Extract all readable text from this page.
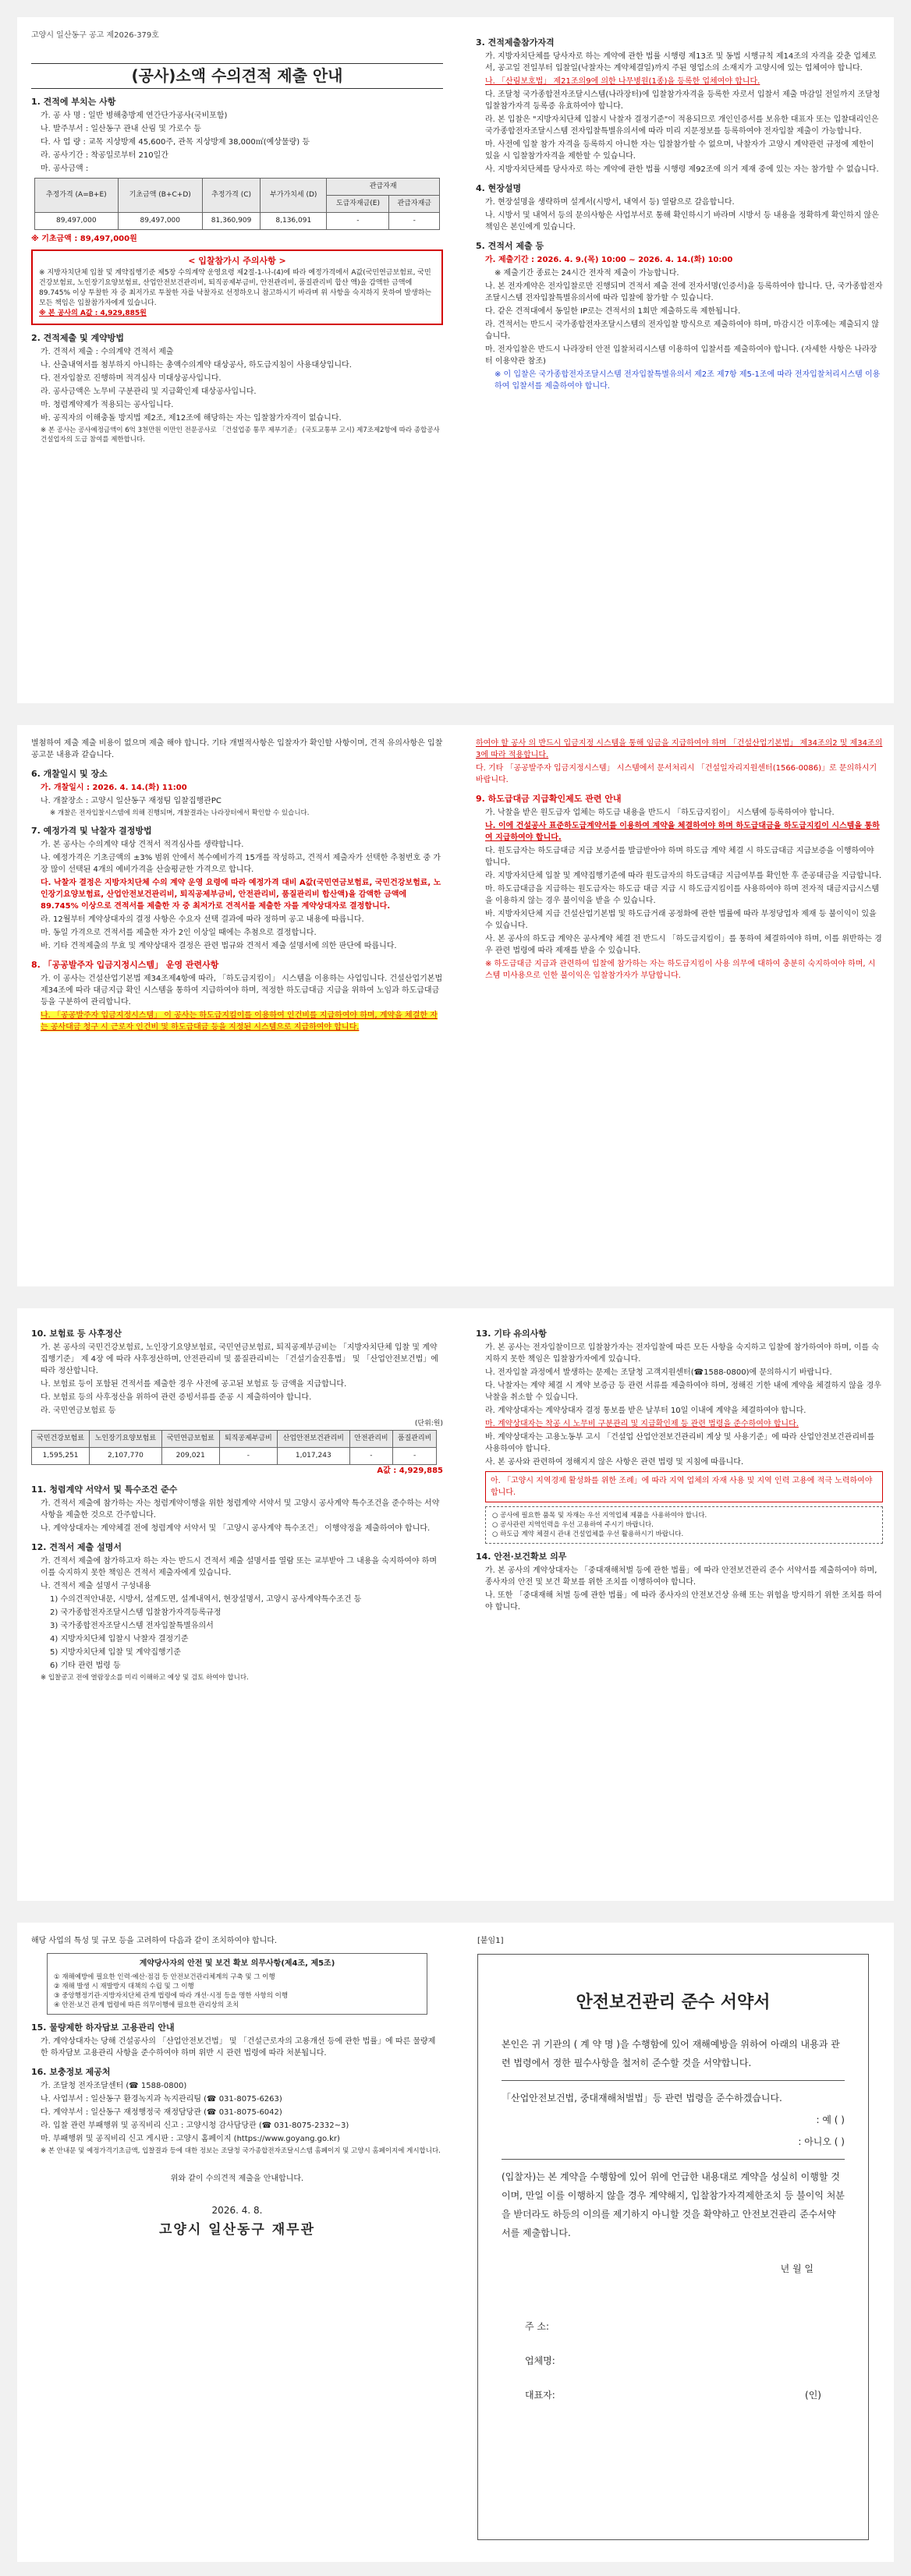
고양시 일산동구 공고 제2026-379호
(공사)소액 수의견적 제출 안내
1. 견적에 부치는 사항

가. 공 사 명 : 일반 병해충방제 연간단가공사(국비포함)

나. 발주부서 : 일산동구 관내 산림 및 가로수 등

다. 사 업 량 : 교목 지상방제 45,600주, 관목 지상방제 38,000㎡(예상물량) 등

라. 공사기간 : 착공일로부터 210일간

마. 공사금액 :

추정가격 (A=B+E)	기초금액 (B+C+D)	추정가격 (C)	부가가치세 (D)	관급자재	
				도급자재금(E)	관급자재금
89,497,000	89,497,000	81,360,909	8,136,091	-	-

※ 기초금액 : 89,497,000원

< 입찰참가시 주의사항 >
※ 지방자치단체 입찰 및 계약집행기준 제5장 수의계약 운영요령 제2절-1-나-(4)에 따라 예정가격에서 A값(국민연금보험료, 국민건강보험료, 노인장기요양보험료, 산업안전보건관리비, 퇴직공제부금비, 안전관리비, 품질관리비 합산 액)을 감액한 금액에 89.745% 이상 투찰한 자 중 최저가로 투찰한 자를 낙찰자로 선정하오니 참고하시기 바라며 위 사항을 숙지하지 못하여 발생하는 모든 책임은 입찰참가자에게 있습니다.
※ 본 공사의 A값 : 4,929,885원
2. 견적제출 및 계약방법

가. 견적서 제출 : 수의계약 견적서 제출

나. 산출내역서를 첨부하지 아니하는 총액수의계약 대상공사, 하도급지침이 사용대상입니다.

다. 전자입찰로 진행하며 적격심사 미대상공사입니다.

라. 공사금액은 노무비 구분관리 및 지급확인제 대상공사입니다.

마. 청렴계약제가 적용되는 공사입니다.

바. 공직자의 이해충돌 방지법 제2조, 제12조에 해당하는 자는 입찰참가자격이 없습니다.

※ 본 공사는 공사예정금액이 6억 3천만원 이만인 전문공사로 「건설업종 통무 제부기준」 (국토교통부 고시) 제7조제2항에 따라 종합공사 건설업자의 도급 참여를 제한합니다.

3. 견적제출참가자격

가. 지방자치단체를 당사자로 하는 계약에 관한 법률 시행령 제13조 및 동법 시행규칙 제14조의 자격을 갖춘 업체로서, 공고일 전일부터 입찰일(낙찰자는 계약체결일)까지 주된 영업소의 소재지가 고양시에 있는 업체여야 합니다.

나. 「산림보호법」 제21조의9에 의한 나무병원(1종)을 등록한 업체여야 합니다.

다. 조달청 국가종합전자조달시스템(나라장터)에 입찰참가자격을 등록한 자로서 입찰서 제출 마감일 전일까지 조달청 입찰참가자격 등록증 유효하여야 합니다.

라. 본 입찰은 "지방자치단체 입찰시 낙찰자 결정기준"이 적용되므로 개인인증서를 보유한 대표자 또는 입찰대리인은 국가종합전자조달시스템 전자입찰특별유의서에 따라 미리 지문정보를 등록하여야 전자입찰 제출이 가능합니다.

마. 사전에 입찰 참가 자격을 등록하지 아니한 자는 입찰참가할 수 없으며, 낙찰자가 고양시 계약관련 규정에 제한이 있을 시 입찰참가자격을 제한할 수 있습니다.

사. 지방자치단체를 당사자로 하는 계약에 관한 법률 시행령 제92조에 의거 제재 중에 있는 자는 참가할 수 없습니다.

4. 현장설명

가. 현장설명을 생략하며 설계서(시방서, 내역서 등) 열람으로 갈음합니다.

나. 시방서 및 내역서 등의 문의사항은 사업부서로 통해 확인하시기 바라며 시방서 등 내용을 정확하게 확인하지 않은 책임은 본인에게 있습니다.

5. 견적서 제출 등

가. 제출기간 : 2026. 4. 9.(목) 10:00 ~ 2026. 4. 14.(화) 10:00

※ 제출기간 종료는 24시간 전자적 제출이 가능합니다.

나. 본 전자계약은 전자입찰로만 진행되며 견적서 제출 전에 전자서명(인증서)을 등록하여야 합니다. 단, 국가종합전자조달시스템 전자입찰특별유의서에 따라 입찰에 참가할 수 있습니다.

다. 같은 견적대에서 동일한 IP로는 견적서의 1회만 제출하도록 제한됩니다.

라. 견적서는 반드시 국가종합전자조달시스템의 전자입찰 방식으로 제출하여야 하며, 마감시간 이후에는 제출되지 않습니다.

마. 전자입찰은 반드시 나라장터 안전 입찰처리시스템 이용하여 입찰서를 제출하여야 합니다. (자세한 사항은 나라장터 이용약관 참조)

※ 이 입찰은 국가종합전자조달시스템 전자입찰특별유의서 제2조 제7항 제5-1조에 따라 전자입찰처리시스템 이용하여 입찰서를 제출하여야 합니다.

별첨하여 제출 제출 비용이 없으며 제출 해야 합니다. 기타 개별적사항은 입찰자가 확인할 사항이며, 견적 유의사항은 입찰 공고문 내용과 같습니다.

6. 개찰일시 및 장소

가. 개찰일시 : 2026. 4. 14.(화) 11:00

나. 개찰장소 : 고양시 일산동구 재정팀 입찰집행관PC

※ 개찰은 전자입찰시스템에 의해 진행되며, 개찰결과는 나라장터에서 확인할 수 있습니다.

7. 예정가격 및 낙찰자 결정방법

가. 본 공사는 수의계약 대상 견적서 적격심사를 생략합니다.

나. 예정가격은 기초금액의 ±3% 범위 안에서 복수예비가격 15개를 작성하고, 견적서 제출자가 선택한 추첨번호 중 가장 많이 선택된 4개의 예비가격을 산술평균한 가격으로 합니다.

다. 낙찰자 결정은 지방자치단체 수의 계약 운영 요령에 따라 예정가격 대비 A값(국민연금보험료, 국민건강보험료, 노인장기요양보험료, 산업안전보건관리비, 퇴직공제부금비, 안전관리비, 품질관리비 합산액)을 감액한 금액에 89.745% 이상으로 견적서를 제출한 자 중 최저가로 견적서를 제출한 자를 계약상대자로 결정합니다.

라. 12월부터 계약상대자의 결정 사항은 수요자 선택 결과에 따라 정하며 공고 내용에 따릅니다.

마. 동일 가격으로 견적서를 제출한 자가 2인 이상일 때에는 추첨으로 결정합니다.

바. 기타 견적제출의 무효 및 계약상대자 결정은 관련 법규와 견적서 제출 설명서에 의한 판단에 따릅니다.

8. 「공공발주자 입금지정시스템」 운영 관련사항

가. 이 공사는 건설산업기본법 제34조제4항에 따라, 「하도급지킴이」 시스템을 이용하는 사업입니다. 건설산업기본법 제34조에 따라 대금지급 확인 시스템을 통하여 지급하여야 하며, 적정한 하도급대금 지급을 위하여 노임과 하도급대금 등을 구분하여 관리합니다.

나. 「공공발주자 입금지정시스템」 이 공사는 하도급지킴이를 이용하여 인건비를 지급하여야 하며, 계약을 체결한 자는 공사대금 청구 시 근로자 인건비 및 하도급대금 등을 지정된 시스템으로 지급하여야 합니다.

하여야 할 공사 의 반드시 입금지정 시스템을 통해 임금을 지급하여야 하며 「건설산업기본법」 제34조의2 및 제34조의3에 따라 적용합니다.

다. 기타 「공공발주자 입금지정시스템」 시스템에서 문서처리시 「건설일자리지원센터(1566-0086)」로 문의하시기 바랍니다.

9. 하도급대금 지급확인제도 관련 안내

가. 낙찰을 받은 원도급자 업체는 하도급 내용을 반드시 「하도급지킴이」 시스템에 등록하여야 합니다.

나. 이에 건설공사 표준하도급계약서를 이용하여 계약을 체결하여야 하며 하도급대금을 하도급지킴이 시스템을 통하여 지급하여야 합니다.

다. 원도급자는 하도급대금 지급 보증서를 발급받아야 하며 하도급 계약 체결 시 하도급대금 지급보증을 이행하여야 합니다.

라. 지방자치단체 입찰 및 계약집행기준에 따라 원도급자의 하도급대금 지급여부를 확인한 후 준공대금을 지급합니다.

마. 하도급대금을 지급하는 원도급자는 하도급 대금 지급 시 하도급지킴이를 사용하여야 하며 전자적 대금지급시스템을 이용하지 않는 경우 불이익을 받을 수 있습니다.

바. 지방자치단체 지급 건설산업기본법 및 하도급거래 공정화에 관한 법률에 따라 부정당업자 제재 등 불이익이 있을 수 있습니다.

사. 본 공사의 하도급 계약은 공사계약 체결 전 반드시 「하도급지킴이」를 통하여 체결하여야 하며, 이를 위반하는 경우 관련 법령에 따라 제재를 받을 수 있습니다.

※ 하도급대금 지급과 관련하여 입찰에 참가하는 자는 하도급지킴이 사용 의무에 대하여 충분히 숙지하여야 하며, 시스템 미사용으로 인한 불이익은 입찰참가자가 부담합니다.

10. 보험료 등 사후정산

가. 본 공사의 국민건강보험료, 노인장기요양보험료, 국민연금보험료, 퇴직공제부금비는 「지방자치단체 입찰 및 계약집행기준」 제 4장 에 따라 사후정산하며, 안전관리비 및 품질관리비는 「건설기술진흥법」 및 「산업안전보건법」에 따라 정산합니다.

나. 보험료 등이 포함된 견적서를 제출한 경우 사전에 공고된 보험료 등 금액을 지급합니다.

다. 보험료 등의 사후정산을 위하여 관련 증빙서류를 준공 시 제출하여야 합니다.

라. 국민연금보험료 등

(단위:원)
국민건강보험료	노인장기요양보험료	국민연금보험료	퇴직공제부금비	산업안전보건관리비	안전관리비	품질관리비
1,595,251	2,107,770	209,021	-	1,017,243	-	-
A값 : 4,929,885
11. 청렴계약 서약서 및 특수조건 준수

가. 견적서 제출에 참가하는 자는 청렴계약이행을 위한 청렴계약 서약서 및 고양시 공사계약 특수조건을 준수하는 서약사항을 제출한 것으로 간주합니다.

나. 계약상대자는 계약체결 전에 청렴계약 서약서 및 「고양시 공사계약 특수조건」 이행약정을 제출하여야 합니다.

12. 견적서 제출 설명서

가. 견적서 제출에 참가하고자 하는 자는 반드시 견적서 제출 설명서를 열람 또는 교부받아 그 내용을 숙지하여야 하며 이를 숙지하지 못한 책임은 견적서 제출자에게 있습니다.

나. 견적서 제출 설명서 구성내용

1) 수의견적안내문, 시방서, 설계도면, 설계내역서, 현장설명서, 고양시 공사계약특수조건 등

2) 국가종합전자조달시스템 입찰참가자격등록규정

3) 국가종합전자조달시스템 전자입찰특별유의서

4) 지방자치단체 입찰시 낙찰자 결정기준

5) 지방자치단체 입찰 및 계약집행기준

6) 기타 관련 법령 등

※ 입찰공고 전에 열람장소를 미리 이해하고 예상 및 검토 하여야 합니다.

13. 기타 유의사항

가. 본 공사는 전자입찰이므로 입찰참가자는 전자입찰에 따른 모든 사항을 숙지하고 입찰에 참가하여야 하며, 이를 숙지하지 못한 책임은 입찰참가자에게 있습니다.

나. 전자입찰 과정에서 발생하는 문제는 조달청 고객지원센터(☎1588-0800)에 문의하시기 바랍니다.

다. 낙찰자는 계약 체결 시 계약 보증금 등 관련 서류를 제출하여야 하며, 정해진 기한 내에 계약을 체결하지 않을 경우 낙찰을 취소할 수 있습니다.

라. 계약상대자는 계약상대자 결정 통보를 받은 날부터 10일 이내에 계약을 체결하여야 합니다.

마. 계약상대자는 착공 시 노무비 구분관리 및 지급확인제 등 관련 법령을 준수하여야 합니다.

바. 계약상대자는 고용노동부 고시 「건설업 산업안전보건관리비 계상 및 사용기준」에 따라 산업안전보건관리비를 사용하여야 합니다.

사. 본 공사와 관련하여 정해지지 않은 사항은 관련 법령 및 지침에 따릅니다.

아. 「고양시 지역경제 활성화를 위한 조례」에 따라 지역 업체의 자재 사용 및 지역 인력 고용에 적극 노력하여야 합니다.
○ 공사에 필요한 품목 및 자재는 우선 지역업체 제품을 사용하여야 합니다.
○ 공사관련 지역인력을 우선 고용하여 주시기 바랍니다.
○ 하도급 계약 체결시 관내 건설업체를 우선 활용하시기 바랍니다.
14. 안전·보건확보 의무

가. 본 공사의 계약상대자는 「중대재해처벌 등에 관한 법률」에 따라 안전보건관리 준수 서약서를 제출하여야 하며, 종사자의 안전 및 보건 확보를 위한 조치를 이행하여야 합니다.

나. 또한 「중대재해 처벌 등에 관한 법률」에 따라 종사자의 안전보건상 유해 또는 위험을 방지하기 위한 조치를 하여야 합니다.

해당 사업의 특성 및 규모 등을 고려하여 다음과 같이 조치하여야 합니다.

계약당사자의 안전 및 보건 확보 의무사항(제4조, 제5조)
① 재해예방에 필요한 인력·예산·점검 등 안전보건관리체계의 구축 및 그 이행
② 재해 발생 시 재발방지 대책의 수립 및 그 이행
③ 중앙행정기관·지방자치단체 관계 법령에 따라 개선·시정 등을 명한 사항의 이행
④ 안전·보건 관계 법령에 따른 의무이행에 필요한 관리상의 조치
15. 물량제한 하자담보 고용관리 안내

가. 계약상대자는 당해 건설공사의 「산업안전보건법」 및 「건설근로자의 고용개선 등에 관한 법률」에 따른 물량제한 하자담보 고용관리 사항을 준수하여야 하며 위반 시 관련 법령에 따라 처분됩니다.

16. 보충정보 제공처

가. 조달청 전자조달센터 (☎ 1588-0800)

나. 사업부서 : 일산동구 환경녹지과 녹지관리팀 (☎ 031-8075-6263)

다. 계약부서 : 일산동구 재정행정국 재정담당관 (☎ 031-8075-6042)

라. 입찰 관련 부패행위 및 공직비리 신고 : 고양시청 감사담당관 (☎ 031-8075-2332~3)

마. 부패행위 및 공직비리 신고 게시판 : 고양시 홈페이지 (https://www.goyang.go.kr)

※ 본 안내문 및 예정가격기초금액, 입찰결과 등에 대한 정보는 조달청 국가종합전자조달시스템 홈페이지 및 고양시 홈페이지에 게시합니다.

위와 같이 수의견적 제출을 안내합니다.
2026. 4. 8.
고양시 일산동구 재무관
[붙임1]
안전보건관리 준수 서약서

본인은 귀 기관의 ( 계 약 명 )을 수행함에 있어 재해예방을 위하여 아래의 내용과 관련 법령에서 정한 필수사항을 철저히 준수할 것을 서약합니다.

「산업안전보건법, 중대재해처벌법」등 관련 법령을 준수하겠습니다.

: 예 ( )
: 아니오 ( )

(입찰자)는 본 계약을 수행함에 있어 위에 언급한 내용대로 계약을 성실히 이행할 것이며, 만일 이를 이행하지 않을 경우 계약해지, 입찰참가자격제한조치 등 불이익 처분을 받더라도 하등의 이의를 제기하지 아니할 것을 확약하고 안전보건관리 준수서약서를 제출합니다.

년 월 일
주 소:
업체명:
대표자:	(인)
